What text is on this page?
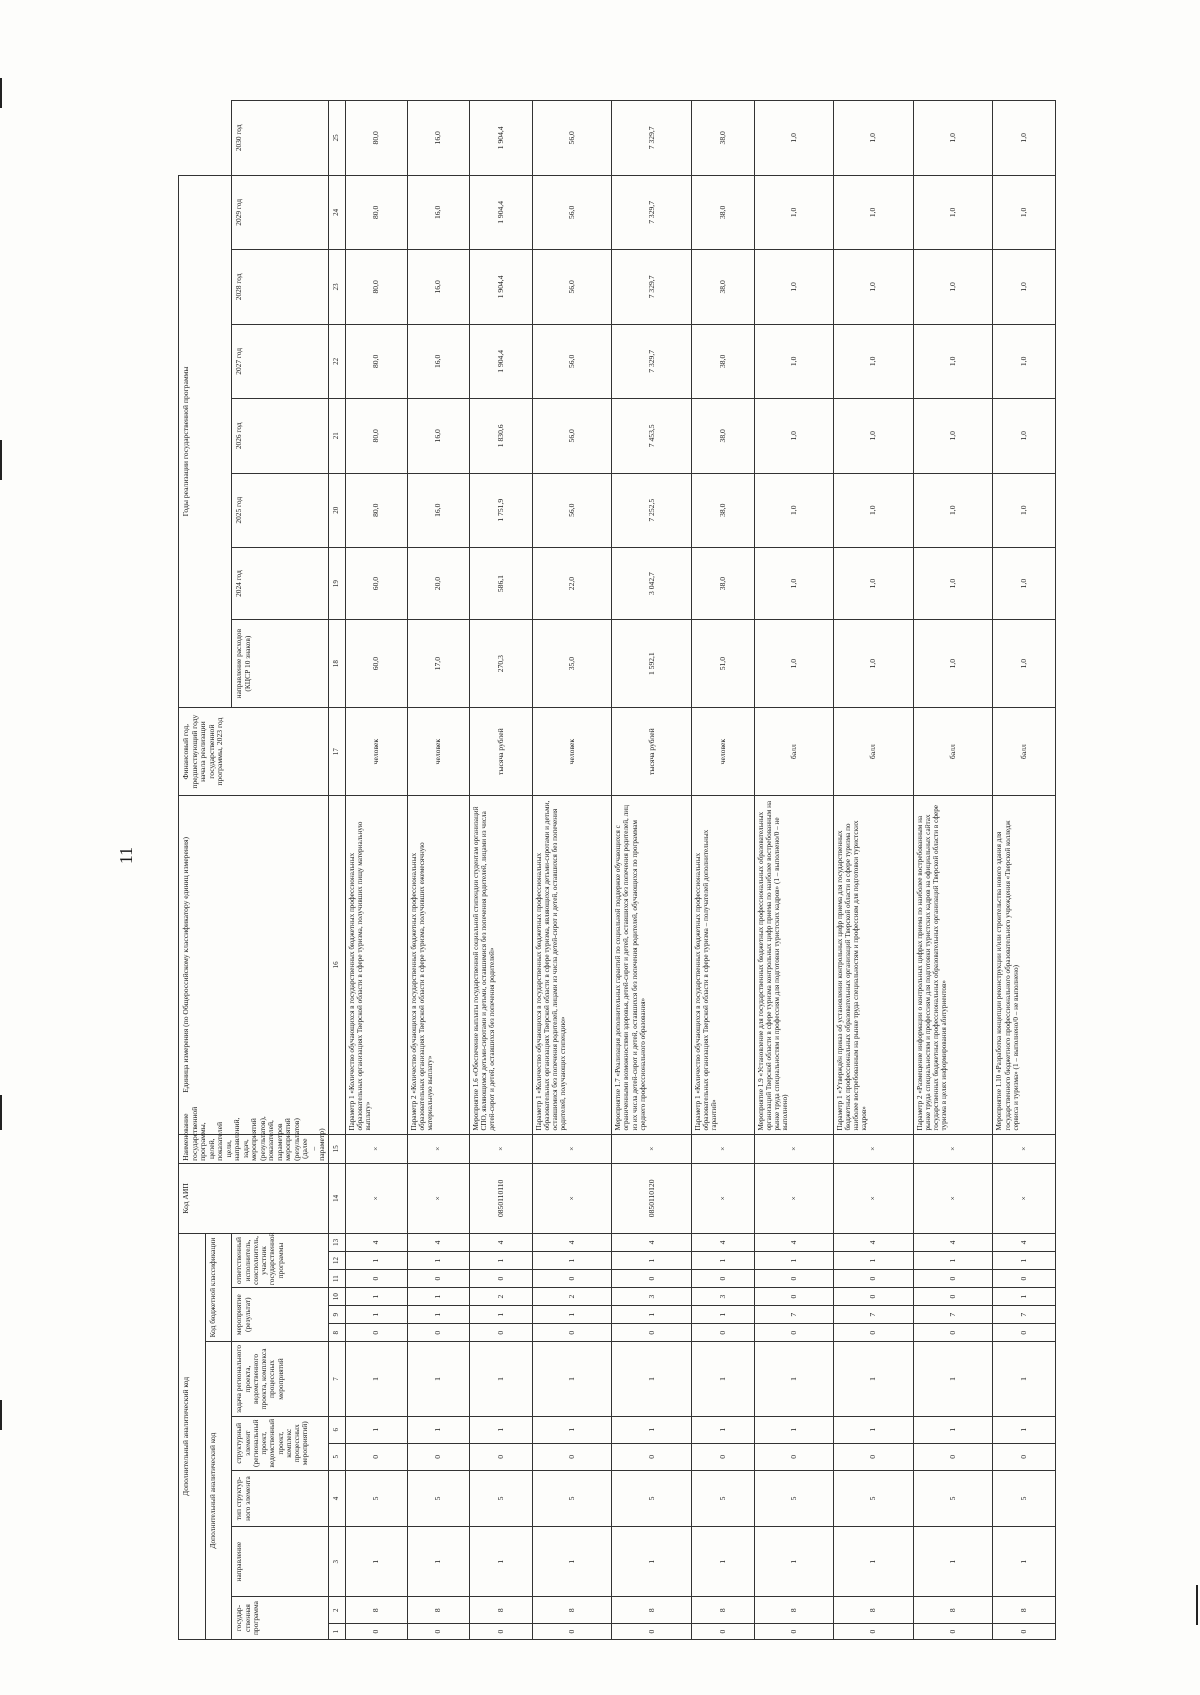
11
Дополнительный аналитический код													Код АИП	Наименование государственной программы, целей, показателей цели, направлений, задач, мероприятий (результатов), показателей, параметров мероприятий (результатов) (далее – параметр)	Единица измерения (по Общероссийскому классификатору единиц измерения)	Финансовый год, предшествующий году начала реализации государственной программы, 2023 год	Годы реализации государственной программы							
Дополнительный аналитический код							Код бюджетной классификации																	
государ-ственная программа		направление	тип структур-ного элемента	структурный элемент (региональный проект, ведомственный проект, комплекс процессных мероприятий)		задача регионального проекта, ведомственного проекта, комплекса процессных мероприятий	мероприятие (результат)			ответственный исполнитель, соисполнитель, участник государственной программы							направление расходов (КЦСР 10 знаков)	2024 год	2025 год	2026 год	2027 год	2028 год	2029 год	2030 год
1	2	3	4	5	6	7	8	9	10	11	12	13	14	15	16	17	18	19	20	21	22	23	24	25
0	8	1	5	0	1	1	0	1	1	0	1	4	×	×	Параметр 1 «Количество обучающихся в государственных бюджетных профессиональных образовательных организациях Тверской области в сфере туризма, получивших пищу материальную выплату»	человек	60,0	60,0	80,0	80,0	80,0	80,0	80,0	80,0
0	8	1	5	0	1	1	0	1	1	0	1	4	×	×	Параметр 2 «Количество обучающихся в государственных бюджетных профессиональных образовательных организациях Тверской области в сфере туризма, получивших ежемесячную материальную выплату»	человек	17,0	20,0	16,0	16,0	16,0	16,0	16,0	16,0
0	8	1	5	0	1	1	0	1	2	0	1	4	0850110110	×	Мероприятие 1.6 «Обеспечение выплаты государственной социальной стипендии студентам организаций СПО, являющимся детьми-сиротами и детьми, оставшимися без попечения родителей, лицами из числа детей-сирот и детей, оставшихся без попечения родителей»	тысяча рублей	270,3	586,1	1 751,9	1 830,6	1 904,4	1 904,4	1 904,4	1 904,4
0	8	1	5	0	1	1	0	1	2	0	1	4	×	×	Параметр 1 «Количество обучающихся в государственных бюджетных профессиональных образовательных организациях Тверской области в сфере туризма, являющихся детьми-сиротами и детьми, оставшимися без попечения родителей, лицами из числа детей-сирот и детей, оставшихся без попечения родителей, получающих стипендию»	человек	35,0	22,0	56,0	56,0	56,0	56,0	56,0	56,0
0	8	1	5	0	1	1	0	1	3	0	1	4	0850110120	×	Мероприятие 1.7 «Реализация дополнительных гарантий по социальной поддержке обучающихся с ограниченными возможностями здоровья, детей-сирот и детей, оставшихся без попечения родителей, лиц из их числа детей-сирот и детей, оставшихся без попечения родителей, обучающихся по программам среднего профессионального образования»	тысяча рублей	1 592,1	3 042,7	7 252,5	7 453,5	7 329,7	7 329,7	7 329,7	7 329,7
0	8	1	5	0	1	1	0	1	3	0	1	4	×	×	Параметр 1 «Количество обучающихся в государственных бюджетных профессиональных образовательных организациях Тверской области в сфере туризма – получателей дополнительных гарантий»	человек	51,0	38,0	38,0	38,0	38,0	38,0	38,0	38,0
0	8	1	5	0	1	1	0	7	0	0	1	4	×	×	Мероприятие 1.9 «Установление для государственных бюджетных профессиональных образовательных организаций Тверской области в сфере туризма контрольных цифр приема по наиболее востребованным на рынке труда специальностям и профессиям для подготовки туристских кадров» (1 – выполнено/0 – не выполнено)	балл	1,0	1,0	1,0	1,0	1,0	1,0	1,0	1,0
0	8	1	5	0	1	1	0	7	0	0	1	4	×	×	Параметр 1 «Утверждён приказ об установлении контрольных цифр приема для государственных бюджетных профессиональных образовательных организаций Тверской области в сфере туризма по наиболее востребованным на рынке труда специальностям и профессиям для подготовки туристских кадров»	балл	1,0	1,0	1,0	1,0	1,0	1,0	1,0	1,0
0	8	1	5	0	1	1	0	7	0	0	1	4	×	×	Параметр 2 «Размещение информации о контрольных цифрах приема по наиболее востребованным на рынке труда специальностям и профессиям для подготовки туристских кадров на официальных сайтах государственных бюджетных профессиональных образовательных организаций Тверской области в сфере туризма в целях информирования абитуриентов»	балл	1,0	1,0	1,0	1,0	1,0	1,0	1,0	1,0
0	8	1	5	0	1	1	0	7	1	0	1	4	×	×	Мероприятие 1.10 «Разработка концепции реконструкции и/или строительства нового здания для государственного бюджетного профессионального образовательного учреждения «Тверской колледж сервиса и туризма» (1 – выполнено/0 – не выполнено)	балл	1,0	1,0	1,0	1,0	1,0	1,0	1,0	1,0
